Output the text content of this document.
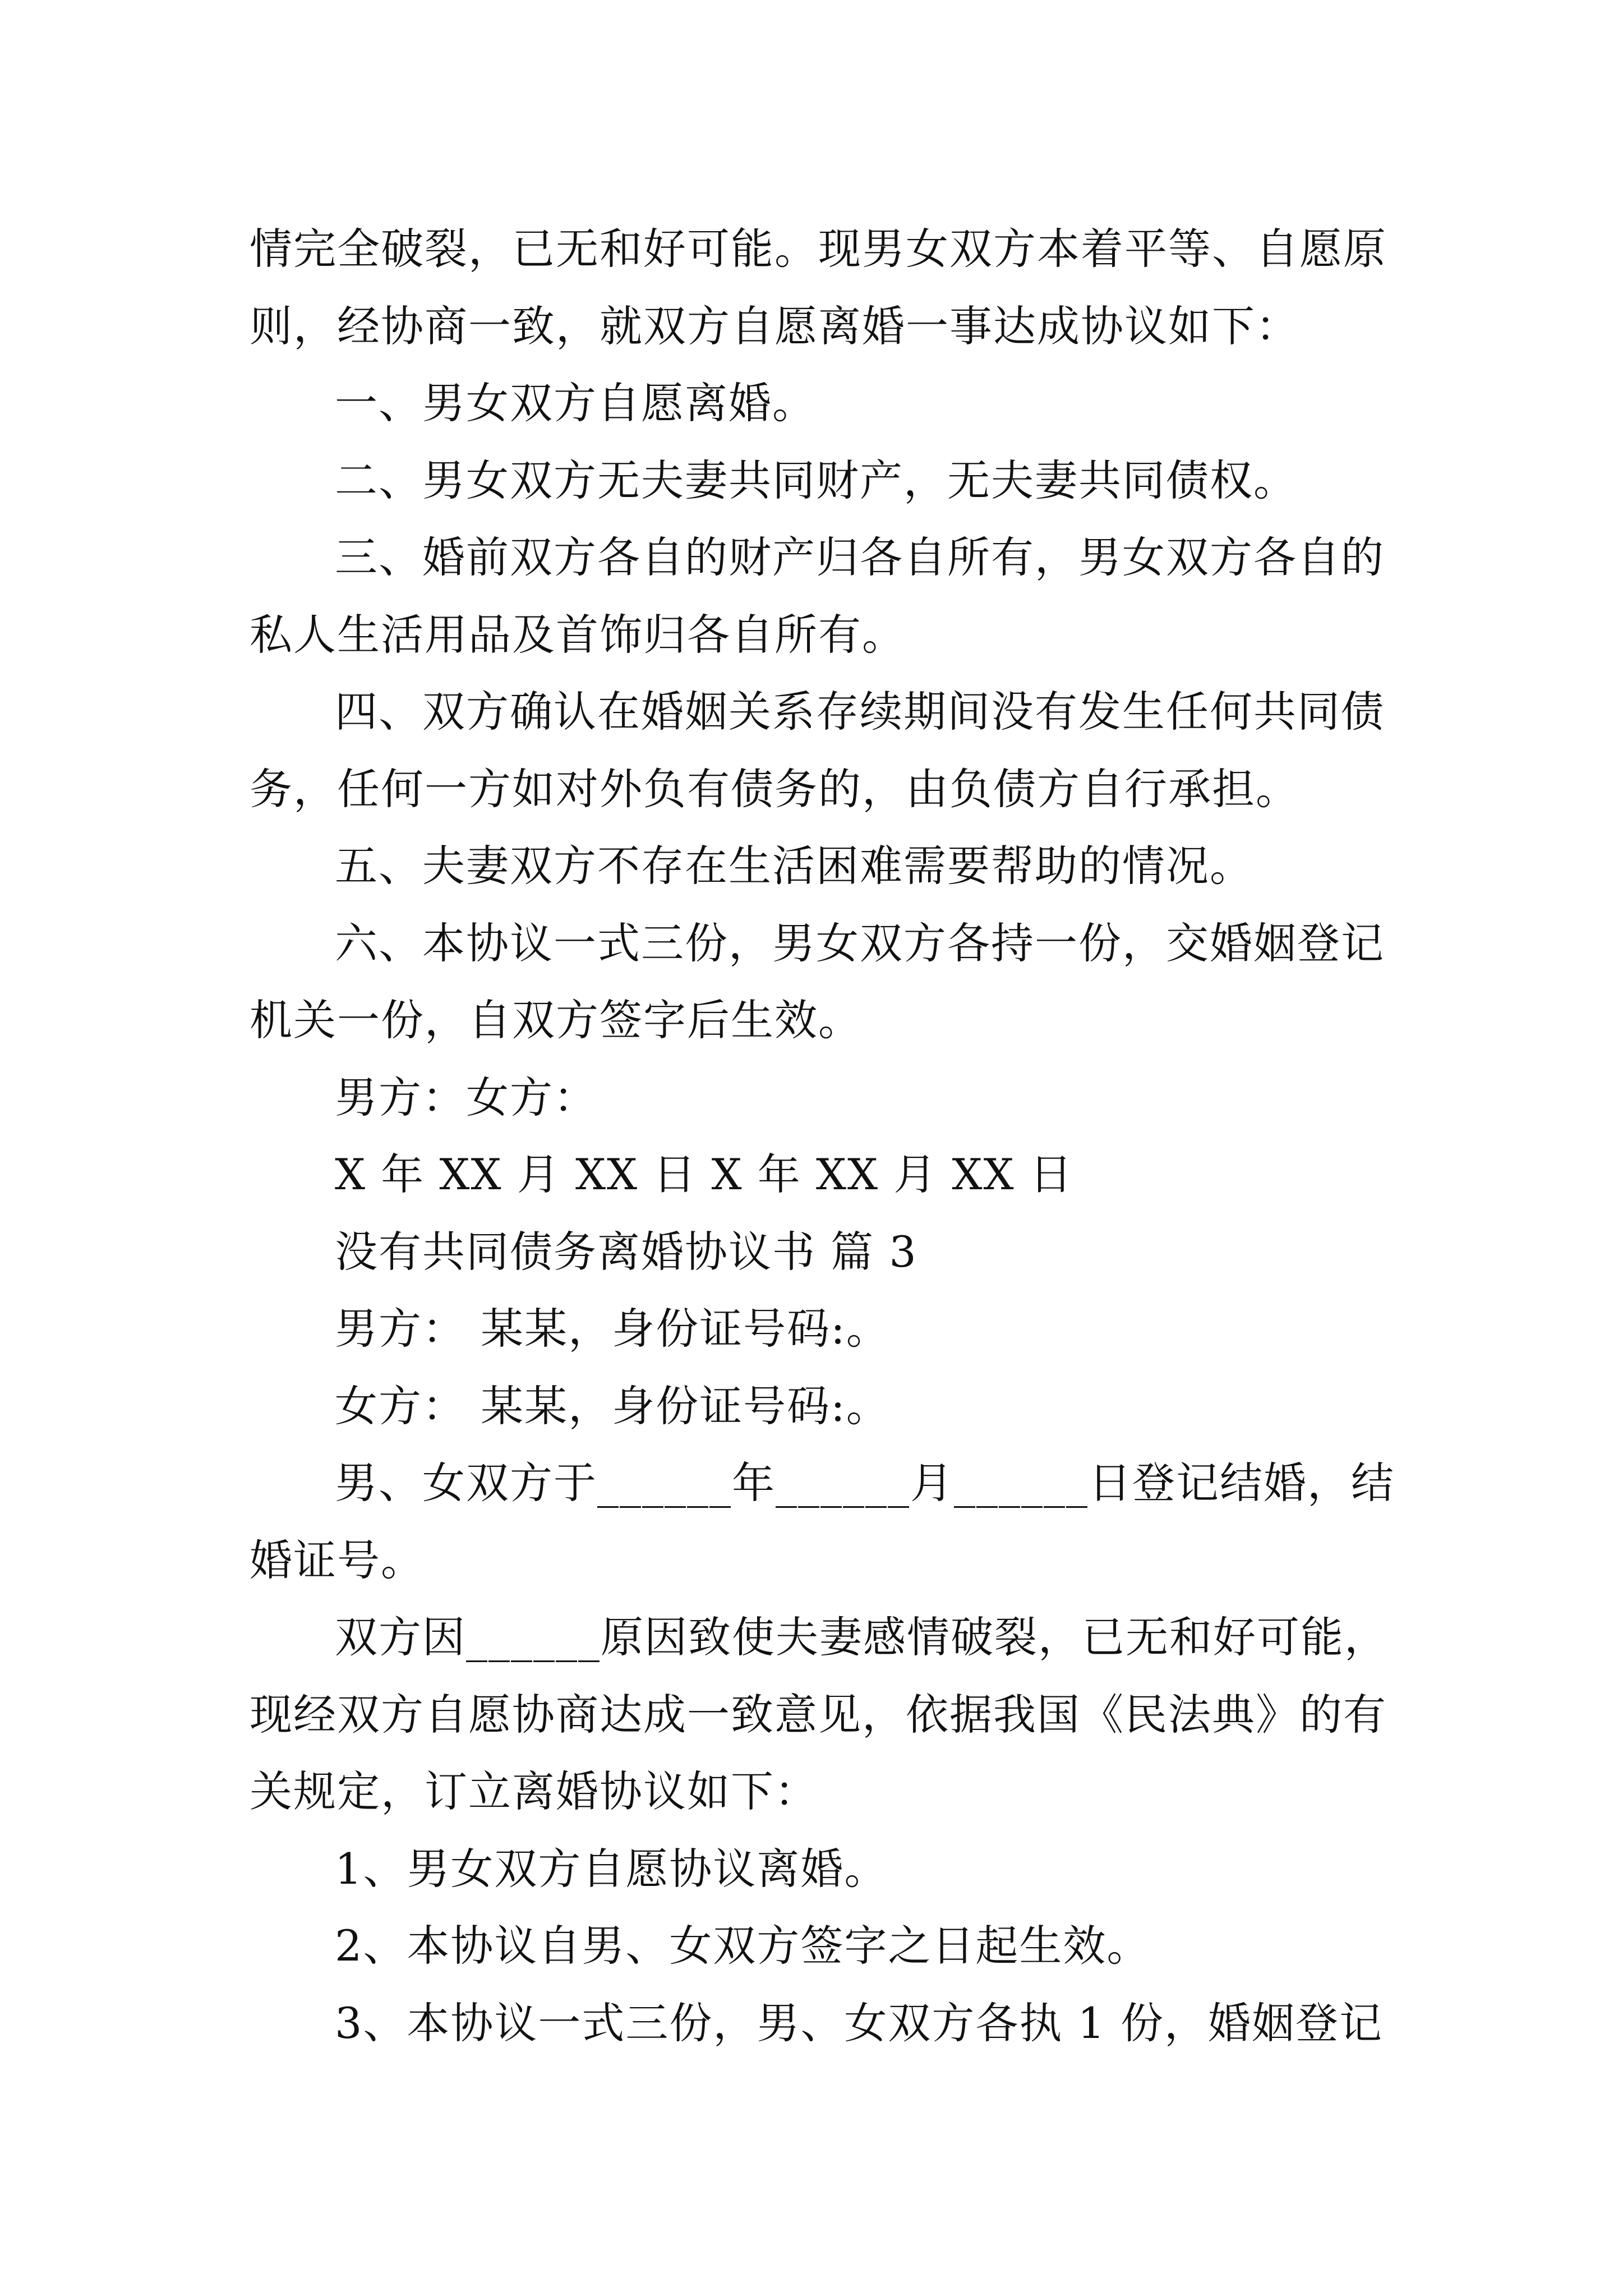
情完全破裂，已无和好可能。现男女双方本着平等、自愿原
则，经协商一致，就双方自愿离婚一事达成协议如下：
一、男女双方自愿离婚。
二、男女双方无夫妻共同财产，无夫妻共同债权。
三、婚前双方各自的财产归各自所有，男女双方各自的
私人生活用品及首饰归各自所有。
四、双方确认在婚姻关系存续期间没有发生任何共同债
务，任何一方如对外负有债务的，由负债方自行承担。
五、夫妻双方不存在生活困难需要帮助的情况。
六、本协议一式三份，男女双方各持一份，交婚姻登记
机关一份，自双方签字后生效。
男方：女方：
X 年 XX 月 XX 日 X 年 XX 月 XX 日
没有共同债务离婚协议书 篇 3
男方： 某某，身份证号码:。
女方： 某某，身份证号码:。
男、女双方于______年______月______日登记结婚，结
婚证号。
双方因______原因致使夫妻感情破裂，已无和好可能，
现经双方自愿协商达成一致意见，依据我国《民法典》的有
关规定，订立离婚协议如下：
1、男女双方自愿协议离婚。
2、本协议自男、女双方签字之日起生效。
3、本协议一式三份，男、女双方各执 1 份，婚姻登记
